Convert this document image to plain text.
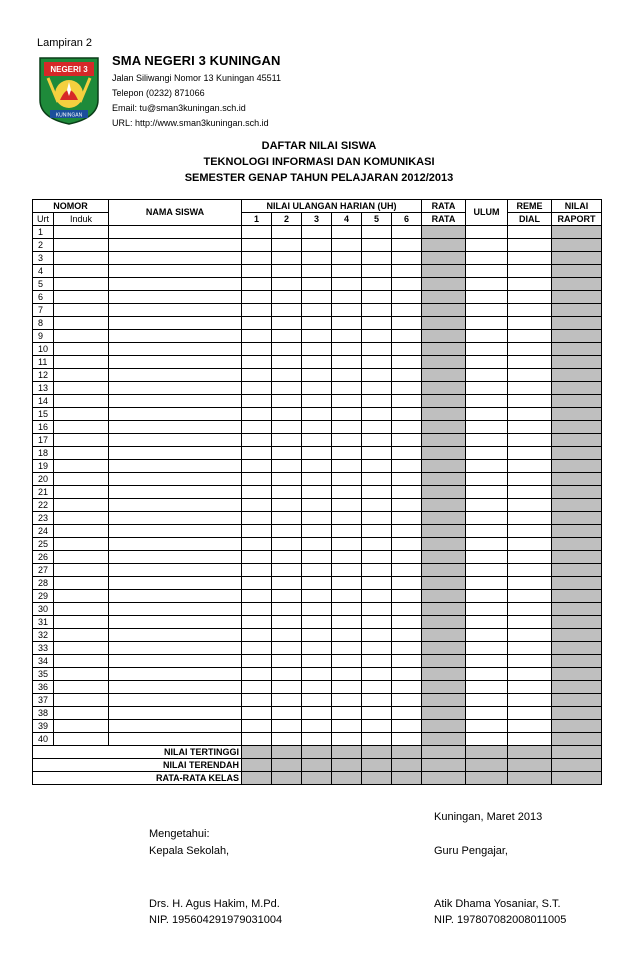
Lampiran 2
NEGERI 3
KUNINGAN
SMA NEGERI 3 KUNINGAN
Jalan Siliwangi Nomor 13 Kuningan 45511
Telepon (0232) 871066
Email: tu@sman3kuningan.sch.id
URL: http://www.sman3kuningan.sch.id
DAFTAR NILAI SISWA
TEKNOLOGI INFORMASI DAN KOMUNIKASI
SEMESTER GENAP TAHUN PELAJARAN 2012/2013
NOMOR		NAMA SISWA	NILAI ULANGAN HARIAN (UH)						RATA	ULUM	REME	NILAI
Urt	Induk		1	2	3	4	5	6	RATA		DIAL	RAPORT
1												
2												
3												
4												
5												
6												
7												
8												
9												
10												
11												
12												
13												
14												
15												
16												
17												
18												
19												
20												
21												
22												
23												
24												
25												
26												
27												
28												
29												
30												
31												
32												
33												
34												
35												
36												
37												
38												
39												
40												
NILAI TERTINGGI												
NILAI TERENDAH												
RATA-RATA KELAS												
Kuningan, Maret 2013
Mengetahui:
Kepala Sekolah,	Guru Pengajar,
Drs. H. Agus Hakim, M.Pd.
NIP. 195604291979031004
Atik Dhama Yosaniar, S.T.
NIP. 197807082008011005
